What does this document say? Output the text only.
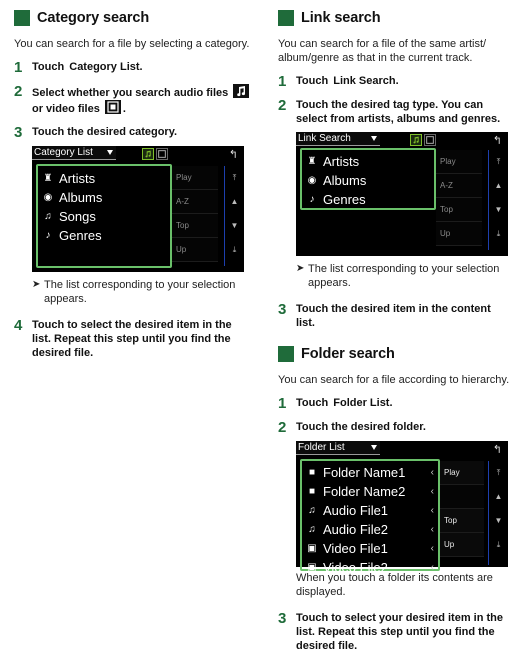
Category search

You can search for a file by selecting a category.

1 Touch Category List.
2 Select whether you search audio files

or video files .
3 Touch the desired category.
Category List	↰
♜ Artists
◉ Albums
♫ Songs
♪ Genres
Play
A-Z
Top
Up
⤒
▲
▼
⤓
➤ The list corresponding to your selection appears.
4 Touch to select the desired item in the list. Repeat this step until you find the desired file.
Link search

You can search for a file of the same artist/ album/genre as that in the current track.

1 Touch Link Search.
2 Touch the desired tag type. You can select from artists, albums and genres.
Link Search	↰
♜ Artists
◉ Albums
♪ Genres
Play
A-Z
Top
Up
⤒
▲
▼
⤓
➤ The list corresponding to your selection appears.
3 Touch the desired item in the content list.
Folder search

You can search for a file according to hierarchy.

1 Touch Folder List.
2 Touch the desired folder.
Folder List	↰
■ Folder Name1	‹
■ Folder Name2	‹
♫ Audio File1	‹
♫ Audio File2	‹
▣ Video File1	‹
▣ Video File2	‹
Play
Top
Up
⤒
▲
▼
⤓
When you touch a folder its contents are displayed.
3 Touch to select your desired item in the list. Repeat this step until you find the desired file.
